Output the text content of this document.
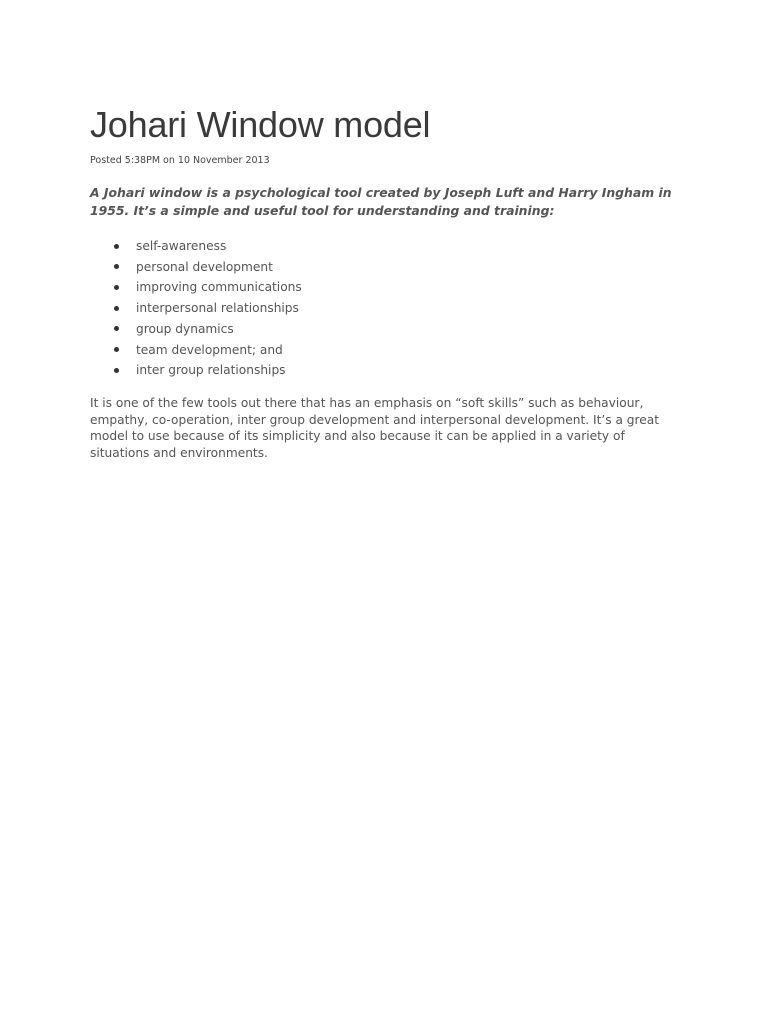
Johari Window model
Posted 5:38PM on 10 November 2013

A Johari window is a psychological tool created by Joseph Luft and Harry Ingham in 1955. It’s a simple and useful tool for understanding and training:

self-awareness
personal development
improving communications
interpersonal relationships
group dynamics
team development; and
inter group relationships

It is one of the few tools out there that has an emphasis on “soft skills” such as behaviour, empathy, co-operation, inter group development and interpersonal development. It’s a great model to use because of its simplicity and also because it can be applied in a variety of situations and environments.
